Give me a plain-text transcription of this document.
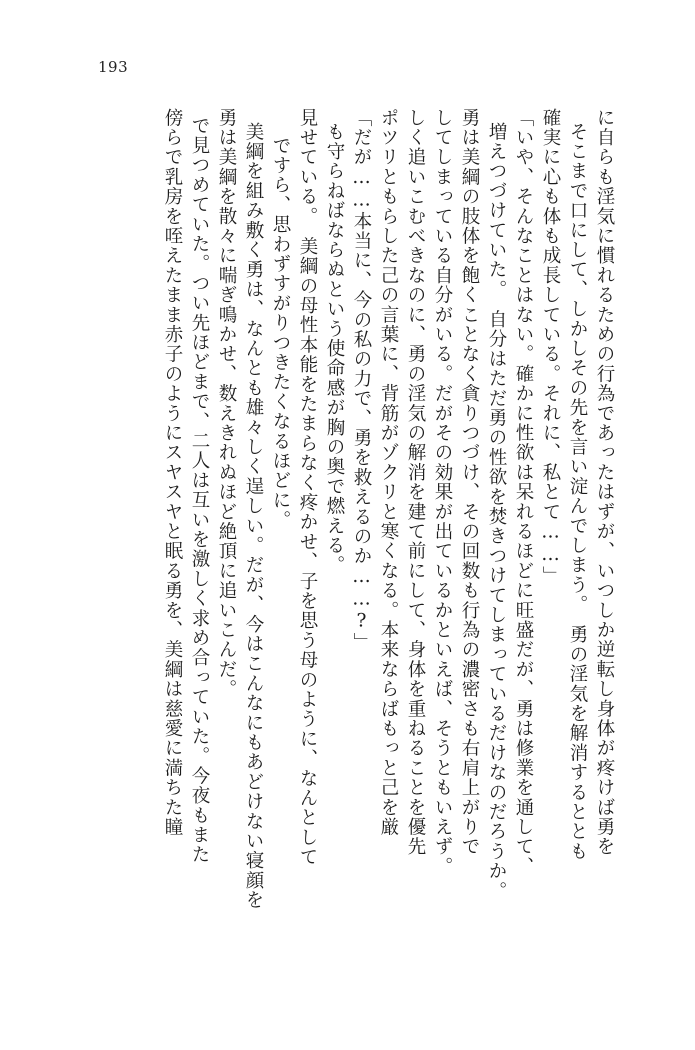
193
傍らで乳房を咥えたまま赤子のようにスヤスヤと眠る勇を、美綱は慈愛に満ちた瞳 で見つめていた。つい先ほどまで、二人は互いを激しく求め合っていた。今夜もまた 勇は美綱を散々に喘ぎ鳴かせ、数えきれぬほど絶頂に追いこんだ。 美綱を組み敷く勇は、なんとも雄々しく逞しい。だが、今はこんなにもあどけない寝顔を ですら、思わずすがりつきたくなるほどに。 見せている。　美綱の母性本能をたまらなく疼かせ、子を思う母のように、なんとして も守らねばならぬという使命感が胸の奥で燃える。 「だが……本当に、今の私の力で、勇を救えるのか……?」 ポツリともらした己の言葉に、背筋がゾクリと寒くなる。本来ならばもっと己を厳 しく追いこむべきなのに、勇の淫気の解消を建て前にして、身体を重ねることを優先 してしまっている自分がいる。だがその効果が出ているかといえば、そうともいえず。 勇は美綱の肢体を飽くことなく貪りつづけ、その回数も行為の濃密さも右肩上がりで 増えつづけていた。　自分はただ勇の性欲を焚きつけてしまっているだけなのだろうか。 「いや、そんなことはない。確かに性欲は呆れるほどに旺盛だが、勇は修業を通して、 確実に心も体も成長している。それに、私とて……」 そこまで口にして、しかしその先を言い淀んでしまう。　勇の淫気を解消するととも に自らも淫気に慣れるための行為であったはずが、いつしか逆転し身体が疼けば勇を
